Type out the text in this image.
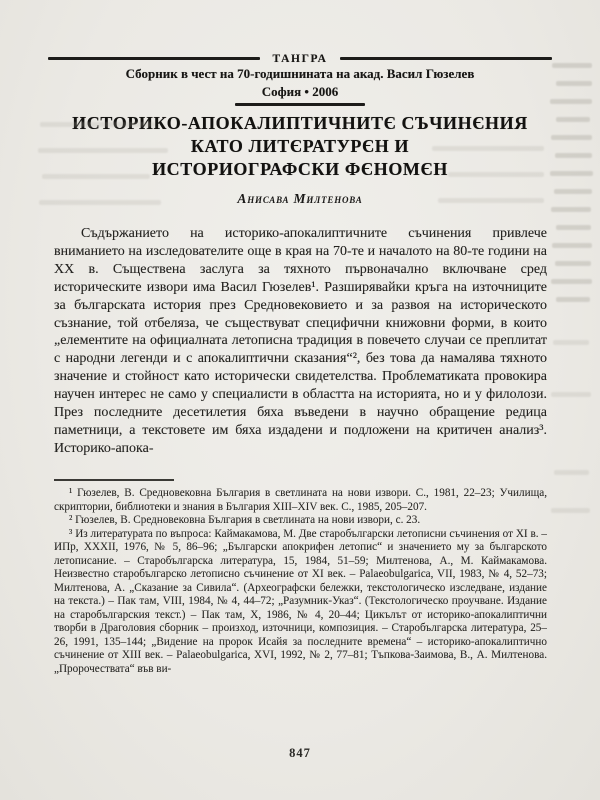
ТАНГРА
Сборник в чест на 70-годишнината на акад. Васил Гюзелев
София • 2006
ИСТОРИКО-АПОКАЛИПТИЧНИТЄ СЪЧИНЄНИЯ
КАТО ЛИТЄРАТУРЄН И
ИСТОРИОГРАФСКИ ФЄНОМЄН
Анисава Милтенова

Съдържанието на историко-апокалиптичните съчинения привлече вниманието на изследователите още в края на 70-те и началото на 80-те години на ХХ в. Съществена заслуга за тяхното първоначално включване сред историческите извори има Васил Гюзелев¹. Разширявайки кръга на източниците за българската история през Средновековието и за развоя на историческото съзнание, той отбеляза, че съществуват специфични книжовни форми, в които „елементите на официалната летописна традиция в повечето случаи се преплитат с народни легенди и с апокалиптични сказания“², без това да намалява тяхното значение и стойност като исторически свидетелства. Проблематиката провокира научен интерес не само у специалисти в областта на историята, но и у филолози. През последните десетилетия бяха въведени в научно обращение редица паметници, а текстовете им бяха издадени и подложени на критичен анализ³. Историко-апока-

¹ Гюзелев, В. Средновековна България в светлината на нови извори. С., 1981, 22–23; Училища, скриптории, библиотеки и знания в България XIII–XIV век. С., 1985, 205–207.

² Гюзелев, В. Средновековна България в светлината на нови извори, с. 23.

³ Из литературата по въпроса: Каймакамова, М. Две старобългарски летописни съчинения от XI в. – ИПр, XXXII, 1976, № 5, 86–96; „Български апокрифен летопис“ и значението му за българското летописание. – Старобългарска литература, 15, 1984, 51–59; Милтенова, А., М. Каймакамова. Неизвестно старобългарско летописно съчинение от XI век. – Palaeobulgarica, VII, 1983, № 4, 52–73; Милтенова, А. „Сказание за Сивила“. (Археографски бележки, текстологическо изследване, издание на текста.) – Пак там, VIII, 1984, № 4, 44–72; „Разумник-Указ“. (Текстологическо проучване. Издание на старобългарския текст.) – Пак там, X, 1986, № 4, 20–44; Цикълът от историко-апокалиптични творби в Драголовия сборник – произход, източници, композиция. – Старобългарска литература, 25–26, 1991, 135–144; „Видение на пророк Исайя за последните времена“ – историко-апокалиптично съчинение от XIII век. – Palaeobulgarica, XVI, 1992, № 2, 77–81; Тъпкова-Заимова, В., А. Милтенова. „Пророчествата“ във ви-

847
